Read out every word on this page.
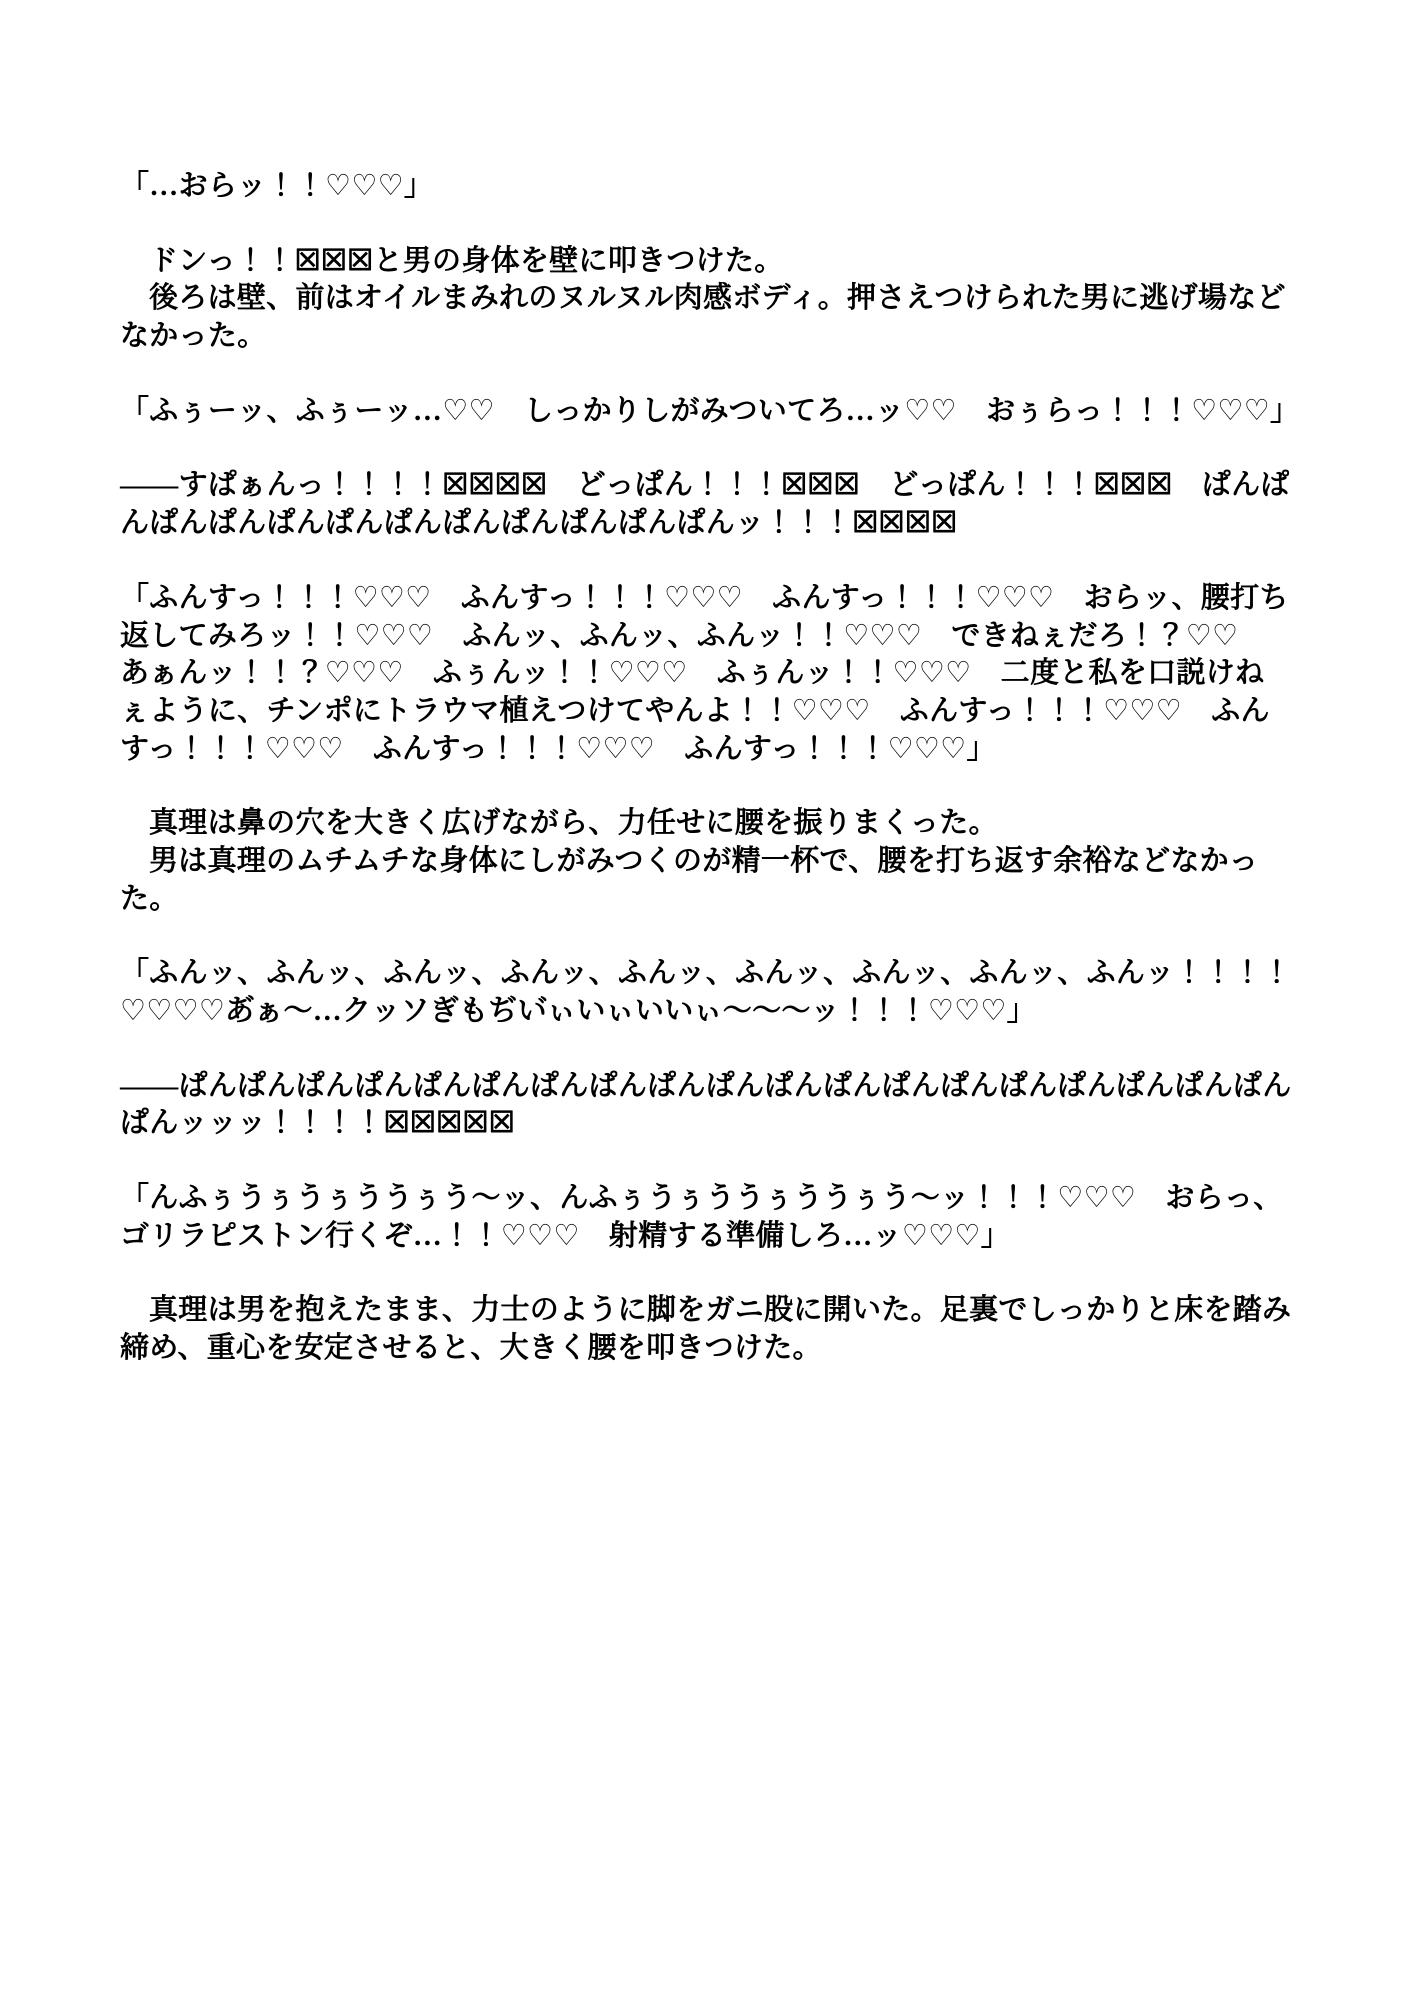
「…おらッ！！♡♡♡」

ドンっ！！☒☒☒と男の身体を壁に叩きつけた。

後ろは壁、前はオイルまみれのヌルヌル肉感ボディ。押さえつけられた男に逃げ場などなかった。

「ふぅーッ、ふぅーッ…♡♡　しっかりしがみついてろ…ッ♡♡　おぅらっ！！！♡♡♡」

――すぱぁんっ！！！！☒☒☒☒　どっぱん！！！☒☒☒　どっぱん！！！☒☒☒　ぱんぱんぱんぱんぱんぱんぱんぱんぱんぱんぱんぱんッ！！！☒☒☒☒

「ふんすっ！！！♡♡♡　ふんすっ！！！♡♡♡　ふんすっ！！！♡♡♡　おらッ、腰打ち返してみろッ！！♡♡♡　ふんッ、ふんッ、ふんッ！！♡♡♡　できねぇだろ！？♡♡　あぁんッ！！？♡♡♡　ふぅんッ！！♡♡♡　ふぅんッ！！♡♡♡　二度と私を口説けねぇように、チンポにトラウマ植えつけてやんよ！！♡♡♡　ふんすっ！！！♡♡♡　ふんすっ！！！♡♡♡　ふんすっ！！！♡♡♡　ふんすっ！！！♡♡♡」

真理は鼻の穴を大きく広げながら、力任せに腰を振りまくった。

男は真理のムチムチな身体にしがみつくのが精一杯で、腰を打ち返す余裕などなかった。

「ふんッ、ふんッ、ふんッ、ふんッ、ふんッ、ふんッ、ふんッ、ふんッ、ふんッ！！！！♡♡♡♡あ゙ぁ～…クッソぎもぢい゙ぃいぃいいぃ～～～ッ！！！♡♡♡」

――ぱんぱんぱんぱんぱんぱんぱんぱんぱんぱんぱんぱんぱんぱんぱんぱんぱんぱんぱんぱんッッッ！！！！☒☒☒☒☒

「んふぅうぅうぅううぅう～ッ、んふぅうぅううぅううぅう～ッ！！！♡♡♡　おらっ、ゴリラピストン行くぞ…！！♡♡♡　射精する準備しろ…ッ♡♡♡」

真理は男を抱えたまま、力士のように脚をガニ股に開いた。足裏でしっかりと床を踏み締め、重心を安定させると、大きく腰を叩きつけた。
